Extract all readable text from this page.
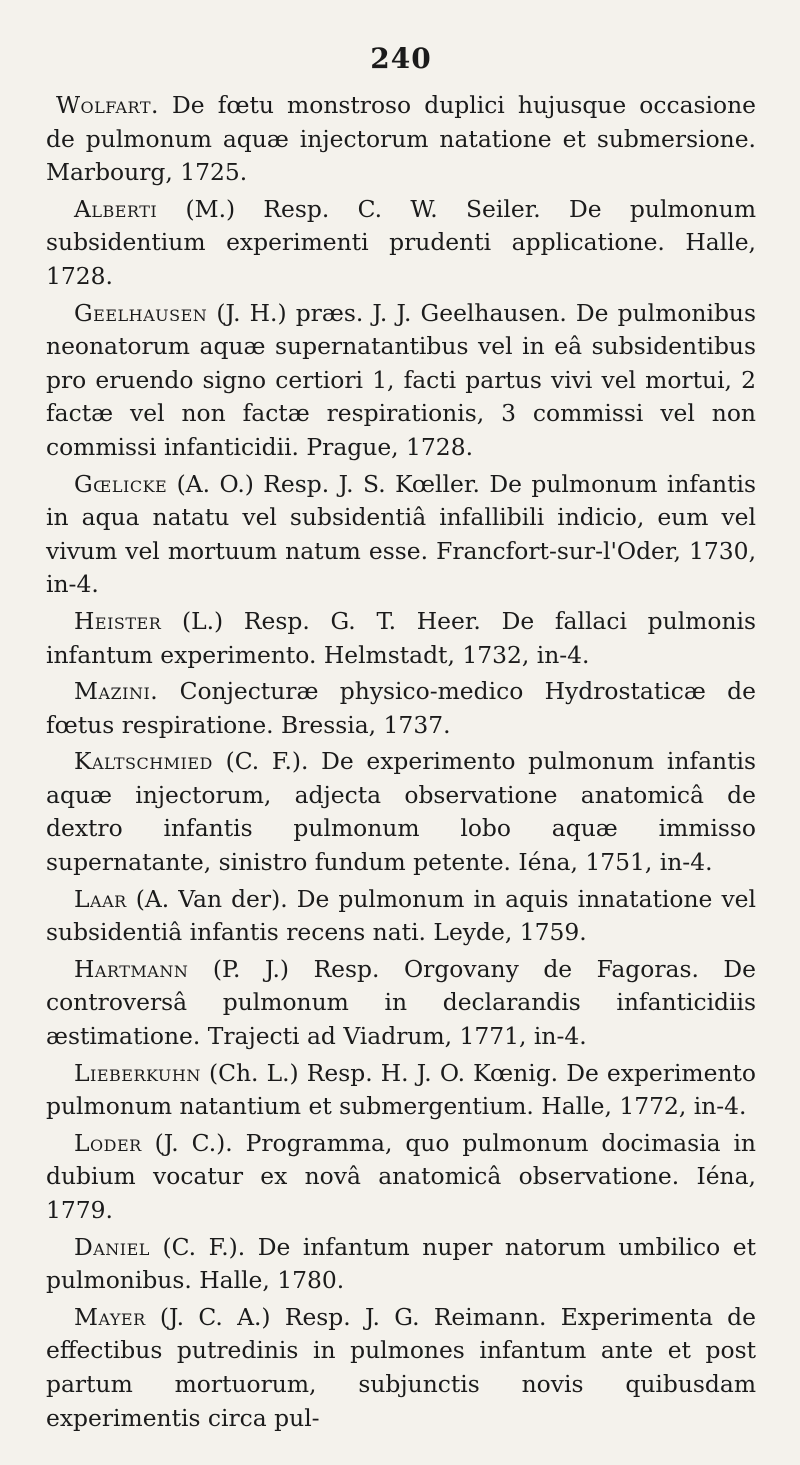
240

Wolfart. De fœtu monstroso duplici hujusque occasione de pulmonum aquæ injectorum natatione et submersione. Marbourg, 1725.

Alberti (M.) Resp. C. W. Seiler. De pulmonum subsidentium experimenti prudenti applicatione. Halle, 1728.

Geelhausen (J. H.) præs. J. J. Geelhausen. De pulmonibus neonatorum aquæ supernatantibus vel in eâ subsidentibus pro eruendo signo certiori 1, facti partus vivi vel mortui, 2 factæ vel non factæ respirationis, 3 commissi vel non commissi infanticidii. Prague, 1728.

Gœlicke (A. O.) Resp. J. S. Kœller. De pulmonum infantis in aqua natatu vel subsidentiâ infallibili indicio, eum vel vivum vel mortuum natum esse. Francfort-sur-l'Oder, 1730, in-4.

Heister (L.) Resp. G. T. Heer. De fallaci pulmonis infantum experimento. Helmstadt, 1732, in-4.

Mazini. Conjecturæ physico-medico Hydrostaticæ de fœtus respiratione. Bressia, 1737.

Kaltschmied (C. F.). De experimento pulmonum infantis aquæ injectorum, adjecta observatione anatomicâ de dextro infantis pulmonum lobo aquæ immisso supernatante, sinistro fundum petente. Iéna, 1751, in-4.

Laar (A. Van der). De pulmonum in aquis innatatione vel subsidentiâ infantis recens nati. Leyde, 1759.

Hartmann (P. J.) Resp. Orgovany de Fagoras. De controversâ pulmonum in declarandis infanticidiis æstimatione. Trajecti ad Viadrum, 1771, in-4.

Lieberkuhn (Ch. L.) Resp. H. J. O. Kœnig. De experimento pulmonum natantium et submergentium. Halle, 1772, in-4.

Loder (J. C.). Programma, quo pulmonum docimasia in dubium vocatur ex novâ anatomicâ observatione. Iéna, 1779.

Daniel (C. F.). De infantum nuper natorum umbilico et pulmonibus. Halle, 1780.

Mayer (J. C. A.) Resp. J. G. Reimann. Experimenta de effectibus putredinis in pulmones infantum ante et post partum mortuorum, subjunctis novis quibusdam experimentis circa pul-
